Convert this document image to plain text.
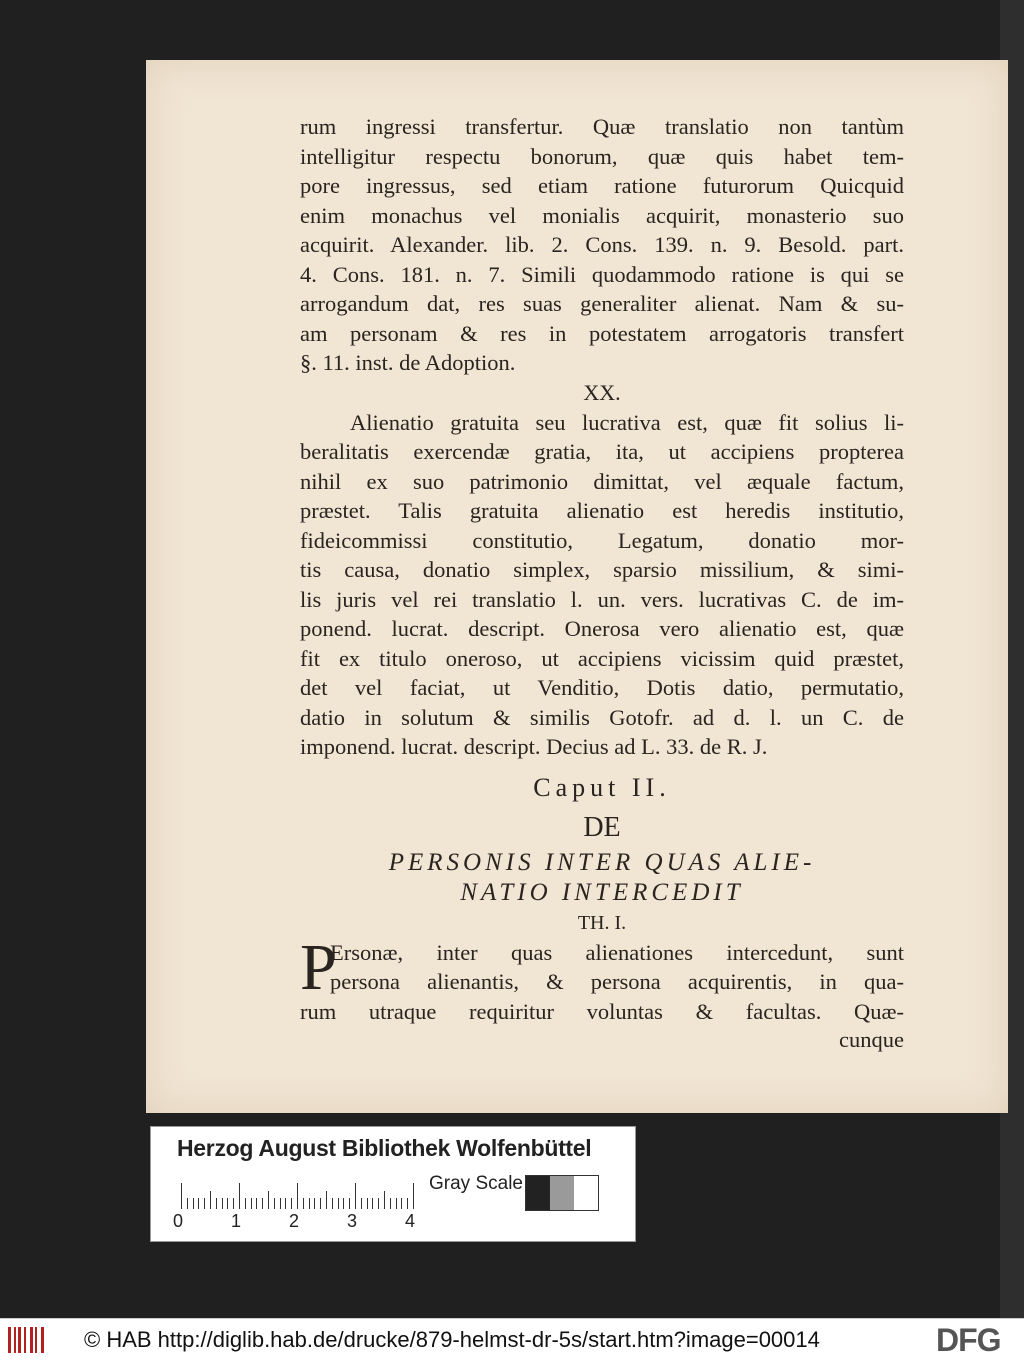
rum ingressi transfertur. Quæ translatio non tantùm
intelligitur respectu bonorum, quæ quis habet tem-
pore ingressus, sed etiam ratione futurorum Quicquid
enim monachus vel monialis acquirit, monasterio suo
acquirit. Alexander. lib. 2. Cons. 139. n. 9. Besold. part.
4. Cons. 181. n. 7. Simili quodammodo ratione is qui se
arrogandum dat, res suas generaliter alienat. Nam & su-
am personam & res in potestatem arrogatoris transfert
§. 11. inst. de Adoption.
XX.
Alienatio gratuita seu lucrativa est, quæ fit solius li-
beralitatis exercendæ gratia, ita, ut accipiens propterea
nihil ex suo patrimonio dimittat, vel æquale factum,
præstet. Talis gratuita alienatio est heredis institutio,
fideicommissi constitutio, Legatum, donatio mor-
tis causa, donatio simplex, sparsio missilium, & simi-
lis juris vel rei translatio l. un. vers. lucrativas C. de im-
ponend. lucrat. descript. Onerosa vero alienatio est, quæ
fit ex titulo oneroso, ut accipiens vicissim quid præstet,
det vel faciat, ut Venditio, Dotis datio, permutatio,
datio in solutum & similis Gotofr. ad d. l. un C. de
imponend. lucrat. descript. Decius ad L. 33. de R. J.
Caput II.
DE
PERSONIS INTER QUAS ALIE-
NATIO INTERCEDIT
TH. I.
P
Ersonæ, inter quas alienationes intercedunt, sunt
persona alienantis, & persona acquirentis, in qua-
rum utraque requiritur voluntas & facultas. Quæ-
cunque
Herzog August Bibliothek Wolfenbüttel
0	1	2	3	4
Gray Scale
© HAB http://diglib.hab.de/drucke/879-helmst-dr-5s/start.htm?image=00014	DFG
